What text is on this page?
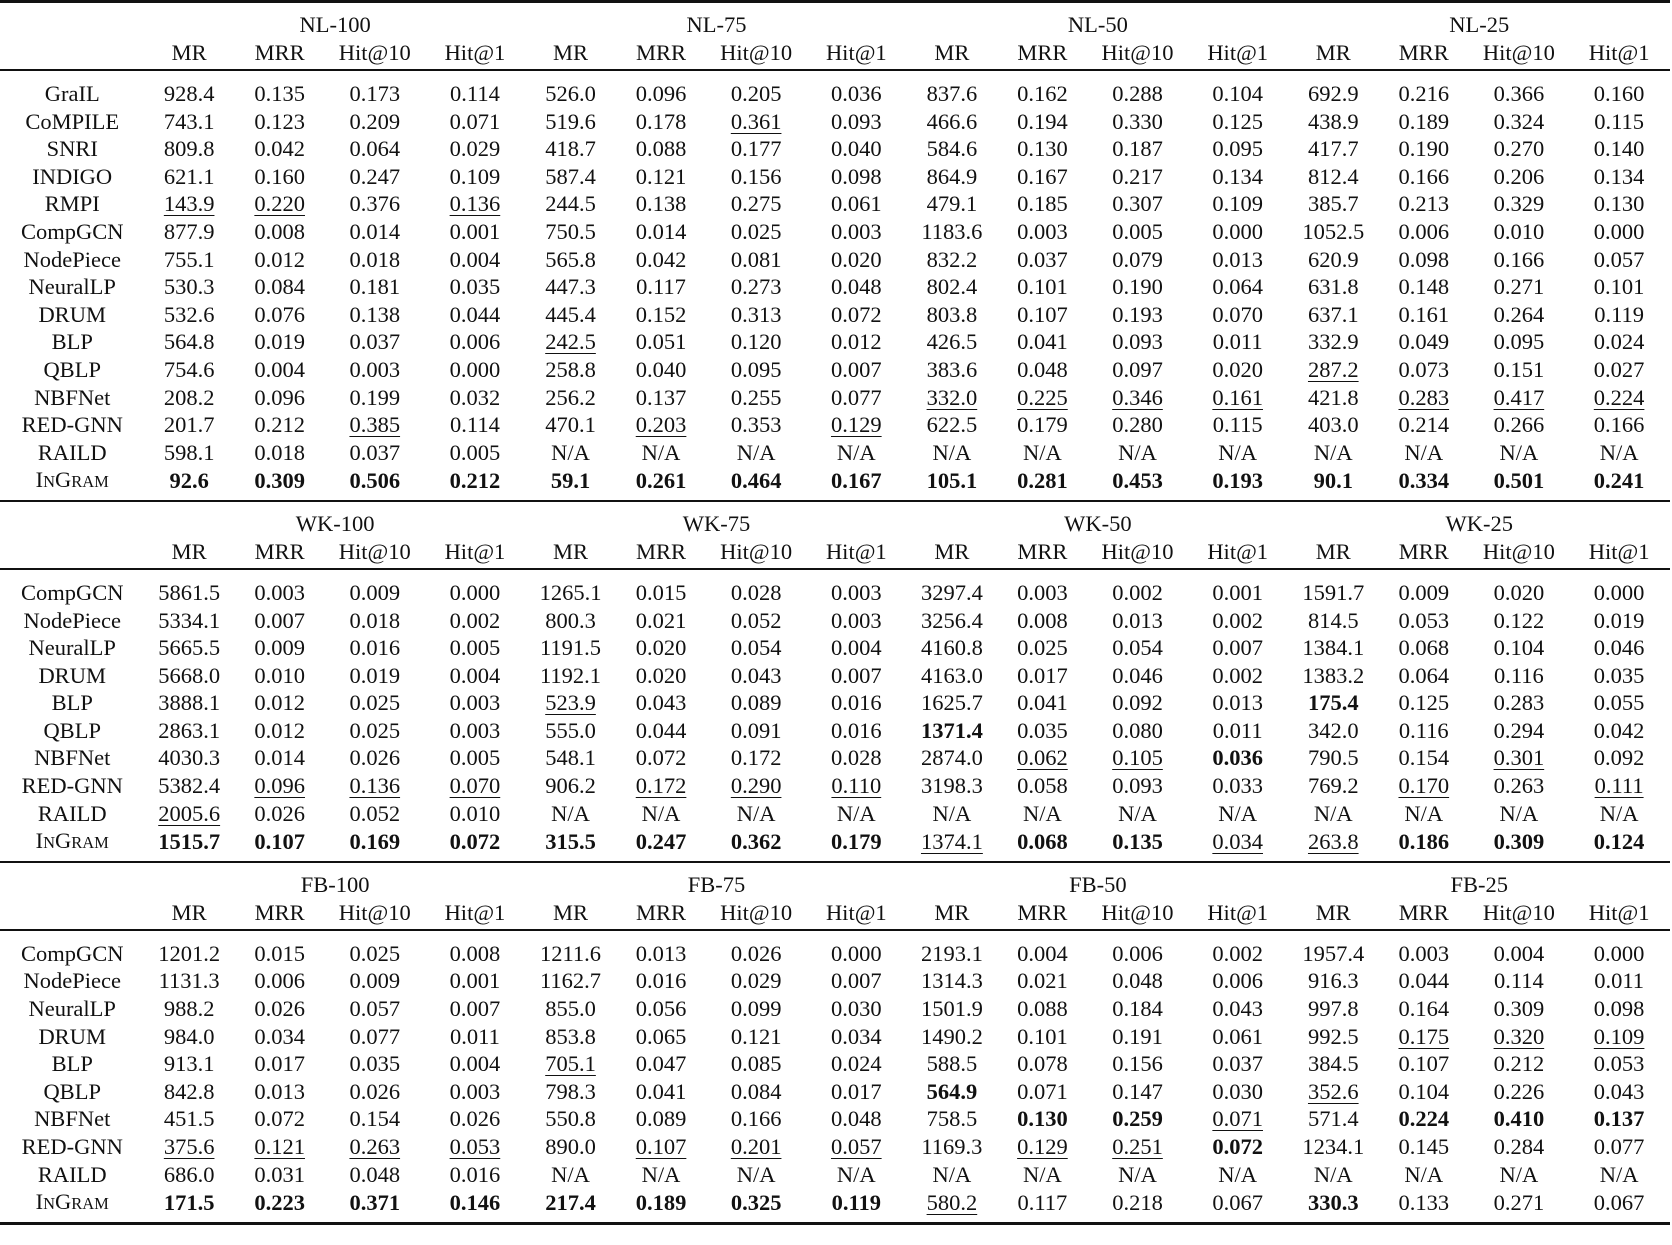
	NL-100				NL-75				NL-50				NL-25			
	MR	MRR	Hit@10	Hit@1	MR	MRR	Hit@10	Hit@1	MR	MRR	Hit@10	Hit@1	MR	MRR	Hit@10	Hit@1

GraIL	928.4	0.135	0.173	0.114	526.0	0.096	0.205	0.036	837.6	0.162	0.288	0.104	692.9	0.216	0.366	0.160
CoMPILE	743.1	0.123	0.209	0.071	519.6	0.178	0.361	0.093	466.6	0.194	0.330	0.125	438.9	0.189	0.324	0.115
SNRI	809.8	0.042	0.064	0.029	418.7	0.088	0.177	0.040	584.6	0.130	0.187	0.095	417.7	0.190	0.270	0.140
INDIGO	621.1	0.160	0.247	0.109	587.4	0.121	0.156	0.098	864.9	0.167	0.217	0.134	812.4	0.166	0.206	0.134
RMPI	143.9	0.220	0.376	0.136	244.5	0.138	0.275	0.061	479.1	0.185	0.307	0.109	385.7	0.213	0.329	0.130
CompGCN	877.9	0.008	0.014	0.001	750.5	0.014	0.025	0.003	1183.6	0.003	0.005	0.000	1052.5	0.006	0.010	0.000
NodePiece	755.1	0.012	0.018	0.004	565.8	0.042	0.081	0.020	832.2	0.037	0.079	0.013	620.9	0.098	0.166	0.057
NeuralLP	530.3	0.084	0.181	0.035	447.3	0.117	0.273	0.048	802.4	0.101	0.190	0.064	631.8	0.148	0.271	0.101
DRUM	532.6	0.076	0.138	0.044	445.4	0.152	0.313	0.072	803.8	0.107	0.193	0.070	637.1	0.161	0.264	0.119
BLP	564.8	0.019	0.037	0.006	242.5	0.051	0.120	0.012	426.5	0.041	0.093	0.011	332.9	0.049	0.095	0.024
QBLP	754.6	0.004	0.003	0.000	258.8	0.040	0.095	0.007	383.6	0.048	0.097	0.020	287.2	0.073	0.151	0.027
NBFNet	208.2	0.096	0.199	0.032	256.2	0.137	0.255	0.077	332.0	0.225	0.346	0.161	421.8	0.283	0.417	0.224
RED-GNN	201.7	0.212	0.385	0.114	470.1	0.203	0.353	0.129	622.5	0.179	0.280	0.115	403.0	0.214	0.266	0.166
RAILD	598.1	0.018	0.037	0.005	N/A	N/A	N/A	N/A	N/A	N/A	N/A	N/A	N/A	N/A	N/A	N/A
INGRAM	92.6	0.309	0.506	0.212	59.1	0.261	0.464	0.167	105.1	0.281	0.453	0.193	90.1	0.334	0.501	0.241

	WK-100				WK-75				WK-50				WK-25			
	MR	MRR	Hit@10	Hit@1	MR	MRR	Hit@10	Hit@1	MR	MRR	Hit@10	Hit@1	MR	MRR	Hit@10	Hit@1

CompGCN	5861.5	0.003	0.009	0.000	1265.1	0.015	0.028	0.003	3297.4	0.003	0.002	0.001	1591.7	0.009	0.020	0.000
NodePiece	5334.1	0.007	0.018	0.002	800.3	0.021	0.052	0.003	3256.4	0.008	0.013	0.002	814.5	0.053	0.122	0.019
NeuralLP	5665.5	0.009	0.016	0.005	1191.5	0.020	0.054	0.004	4160.8	0.025	0.054	0.007	1384.1	0.068	0.104	0.046
DRUM	5668.0	0.010	0.019	0.004	1192.1	0.020	0.043	0.007	4163.0	0.017	0.046	0.002	1383.2	0.064	0.116	0.035
BLP	3888.1	0.012	0.025	0.003	523.9	0.043	0.089	0.016	1625.7	0.041	0.092	0.013	175.4	0.125	0.283	0.055
QBLP	2863.1	0.012	0.025	0.003	555.0	0.044	0.091	0.016	1371.4	0.035	0.080	0.011	342.0	0.116	0.294	0.042
NBFNet	4030.3	0.014	0.026	0.005	548.1	0.072	0.172	0.028	2874.0	0.062	0.105	0.036	790.5	0.154	0.301	0.092
RED-GNN	5382.4	0.096	0.136	0.070	906.2	0.172	0.290	0.110	3198.3	0.058	0.093	0.033	769.2	0.170	0.263	0.111
RAILD	2005.6	0.026	0.052	0.010	N/A	N/A	N/A	N/A	N/A	N/A	N/A	N/A	N/A	N/A	N/A	N/A
INGRAM	1515.7	0.107	0.169	0.072	315.5	0.247	0.362	0.179	1374.1	0.068	0.135	0.034	263.8	0.186	0.309	0.124

	FB-100				FB-75				FB-50				FB-25			
	MR	MRR	Hit@10	Hit@1	MR	MRR	Hit@10	Hit@1	MR	MRR	Hit@10	Hit@1	MR	MRR	Hit@10	Hit@1

CompGCN	1201.2	0.015	0.025	0.008	1211.6	0.013	0.026	0.000	2193.1	0.004	0.006	0.002	1957.4	0.003	0.004	0.000
NodePiece	1131.3	0.006	0.009	0.001	1162.7	0.016	0.029	0.007	1314.3	0.021	0.048	0.006	916.3	0.044	0.114	0.011
NeuralLP	988.2	0.026	0.057	0.007	855.0	0.056	0.099	0.030	1501.9	0.088	0.184	0.043	997.8	0.164	0.309	0.098
DRUM	984.0	0.034	0.077	0.011	853.8	0.065	0.121	0.034	1490.2	0.101	0.191	0.061	992.5	0.175	0.320	0.109
BLP	913.1	0.017	0.035	0.004	705.1	0.047	0.085	0.024	588.5	0.078	0.156	0.037	384.5	0.107	0.212	0.053
QBLP	842.8	0.013	0.026	0.003	798.3	0.041	0.084	0.017	564.9	0.071	0.147	0.030	352.6	0.104	0.226	0.043
NBFNet	451.5	0.072	0.154	0.026	550.8	0.089	0.166	0.048	758.5	0.130	0.259	0.071	571.4	0.224	0.410	0.137
RED-GNN	375.6	0.121	0.263	0.053	890.0	0.107	0.201	0.057	1169.3	0.129	0.251	0.072	1234.1	0.145	0.284	0.077
RAILD	686.0	0.031	0.048	0.016	N/A	N/A	N/A	N/A	N/A	N/A	N/A	N/A	N/A	N/A	N/A	N/A
INGRAM	171.5	0.223	0.371	0.146	217.4	0.189	0.325	0.119	580.2	0.117	0.218	0.067	330.3	0.133	0.271	0.067
